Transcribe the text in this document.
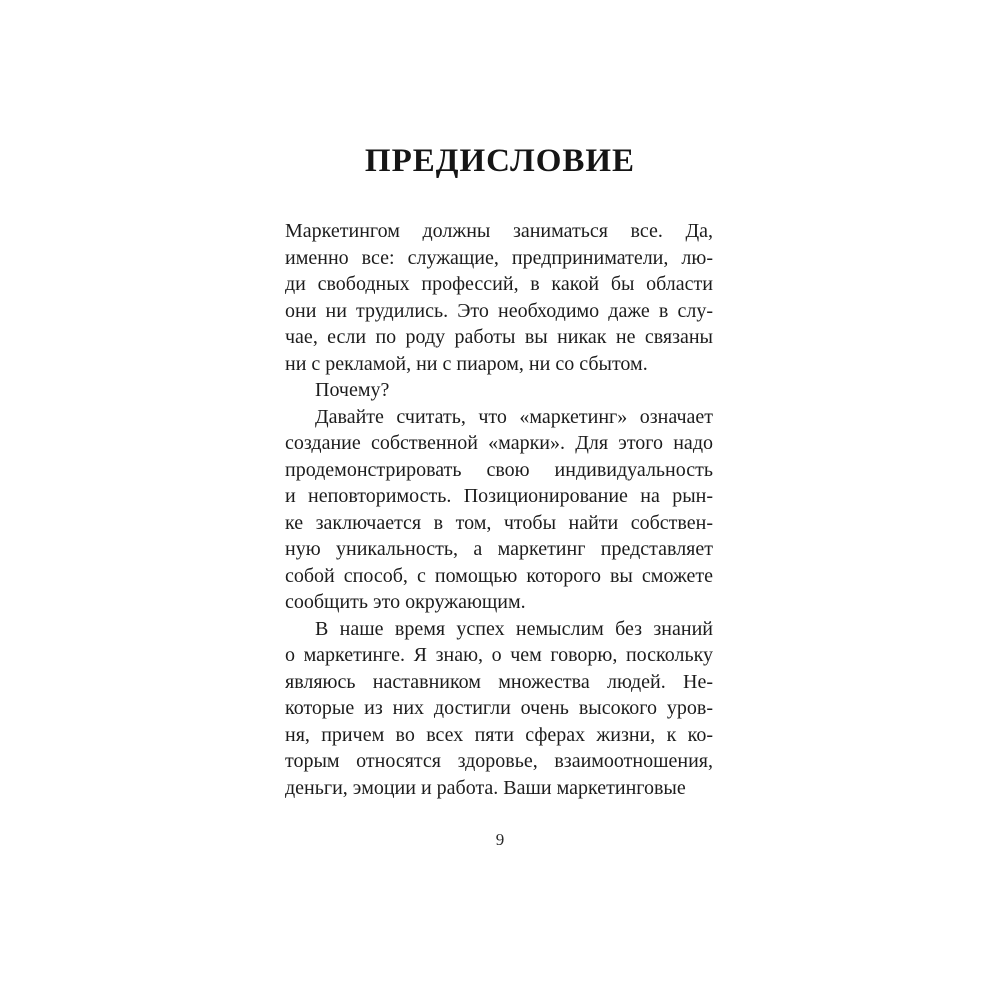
ПРЕДИСЛОВИЕ
Маркетингом должны заниматься все. Да,
именно все: служащие, предприниматели, лю-
ди свободных профессий, в какой бы области
они ни трудились. Это необходимо даже в слу-
чае, если по роду работы вы никак не связаны
ни с рекламой, ни с пиаром, ни со сбытом.
Почему?
Давайте считать, что «маркетинг» означает
создание собственной «марки». Для этого надо
продемонстрировать свою индивидуальность
и неповторимость. Позиционирование на рын-
ке заключается в том, чтобы найти собствен-
ную уникальность, а маркетинг представляет
собой способ, с помощью которого вы сможете
сообщить это окружающим.
В наше время успех немыслим без знаний
о маркетинге. Я знаю, о чем говорю, поскольку
являюсь наставником множества людей. Не-
которые из них достигли очень высокого уров-
ня, причем во всех пяти сферах жизни, к ко-
торым относятся здоровье, взаимоотношения,
деньги, эмоции и работа. Ваши маркетинговые
9
